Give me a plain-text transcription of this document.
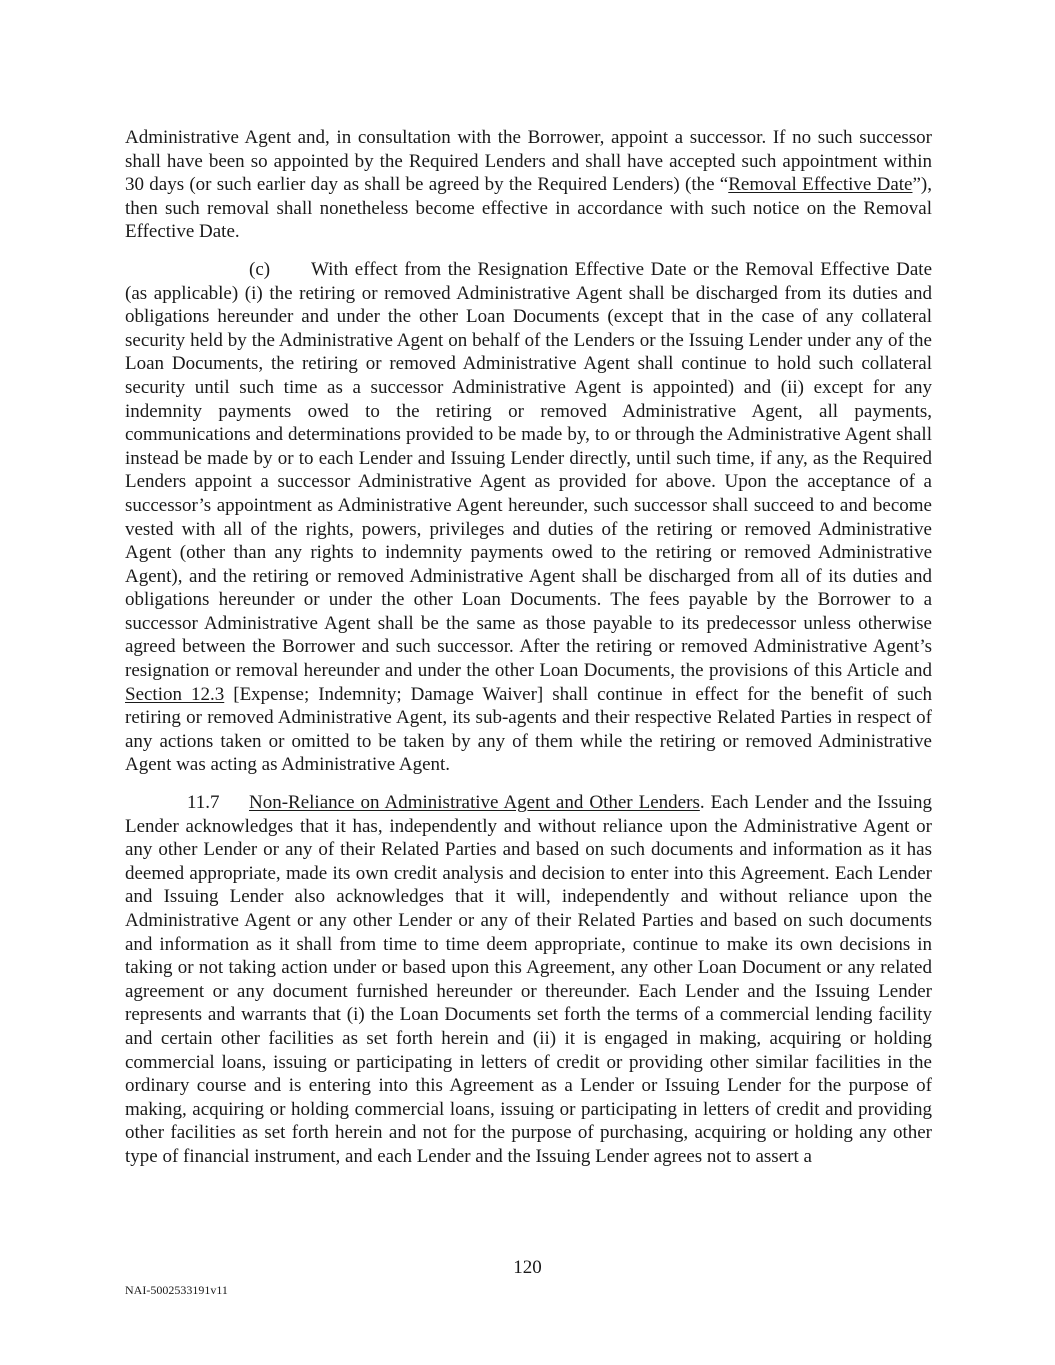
Administrative Agent and, in consultation with the Borrower, appoint a successor. If no such successor shall have been so appointed by the Required Lenders and shall have accepted such appointment within 30 days (or such earlier day as shall be agreed by the Required Lenders) (the “Removal Effective Date”), then such removal shall nonetheless become effective in accordance with such notice on the Removal Effective Date.

(c) With effect from the Resignation Effective Date or the Removal Effective Date (as applicable) (i) the retiring or removed Administrative Agent shall be discharged from its duties and obligations hereunder and under the other Loan Documents (except that in the case of any collateral security held by the Administrative Agent on behalf of the Lenders or the Issuing Lender under any of the Loan Documents, the retiring or removed Administrative Agent shall continue to hold such collateral security until such time as a successor Administrative Agent is appointed) and (ii) except for any indemnity payments owed to the retiring or removed Administrative Agent, all payments, communications and determinations provided to be made by, to or through the Administrative Agent shall instead be made by or to each Lender and Issuing Lender directly, until such time, if any, as the Required Lenders appoint a successor Administrative Agent as provided for above. Upon the acceptance of a successor’s appointment as Administrative Agent hereunder, such successor shall succeed to and become vested with all of the rights, powers, privileges and duties of the retiring or removed Administrative Agent (other than any rights to indemnity payments owed to the retiring or removed Administrative Agent), and the retiring or removed Administrative Agent shall be discharged from all of its duties and obligations hereunder or under the other Loan Documents. The fees payable by the Borrower to a successor Administrative Agent shall be the same as those payable to its predecessor unless otherwise agreed between the Borrower and such successor. After the retiring or removed Administrative Agent’s resignation or removal hereunder and under the other Loan Documents, the provisions of this Article and Section 12.3 [Expense; Indemnity; Damage Waiver] shall continue in effect for the benefit of such retiring or removed Administrative Agent, its sub-agents and their respective Related Parties in respect of any actions taken or omitted to be taken by any of them while the retiring or removed Administrative Agent was acting as Administrative Agent.

11.7 Non-Reliance on Administrative Agent and Other Lenders. Each Lender and the Issuing Lender acknowledges that it has, independently and without reliance upon the Administrative Agent or any other Lender or any of their Related Parties and based on such documents and information as it has deemed appropriate, made its own credit analysis and decision to enter into this Agreement. Each Lender and Issuing Lender also acknowledges that it will, independently and without reliance upon the Administrative Agent or any other Lender or any of their Related Parties and based on such documents and information as it shall from time to time deem appropriate, continue to make its own decisions in taking or not taking action under or based upon this Agreement, any other Loan Document or any related agreement or any document furnished hereunder or thereunder. Each Lender and the Issuing Lender represents and warrants that (i) the Loan Documents set forth the terms of a commercial lending facility and certain other facilities as set forth herein and (ii) it is engaged in making, acquiring or holding commercial loans, issuing or participating in letters of credit or providing other similar facilities in the ordinary course and is entering into this Agreement as a Lender or Issuing Lender for the purpose of making, acquiring or holding commercial loans, issuing or participating in letters of credit and providing other facilities as set forth herein and not for the purpose of purchasing, acquiring or holding any other type of financial instrument, and each Lender and the Issuing Lender agrees not to assert a

120
NAI-5002533191v11
